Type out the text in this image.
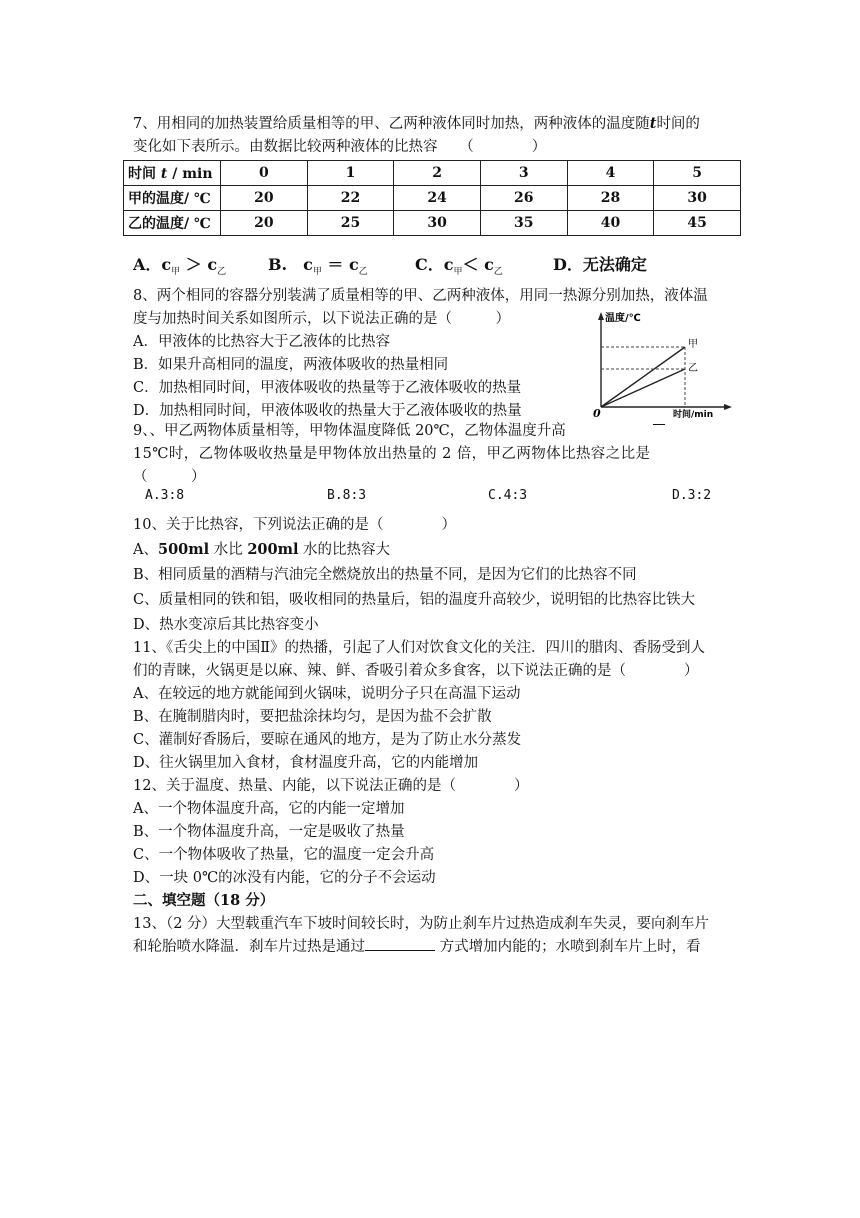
7、用相同的加热装置给质量相等的甲、乙两种液体同时加热，两种液体的温度随t时间的
变化如下表所示。由数据比较两种液体的比热容　　（　　　　）
时间 t / min	0	1	2	3	4	5
甲的温度/ ℃	20	22	24	26	28	30
乙的温度/ ℃	20	25	30	35	40	45
A．$c_甲 > c_乙$	B.　$c_甲 = c_乙$	C．$c_甲< c_乙$	D．无法确定
8、两个相同的容器分别装满了质量相等的甲、乙两种液体，用同一热源分别加热，液体温
度与加热时间关系如图所示，以下说法正确的是（　　　）
A．甲液体的比热容大于乙液体的比热容
B．如果升高相同的温度，两液体吸收的热量相同
C．加热相同时间，甲液体吸收的热量等于乙液体吸收的热量
D．加热相同时间，甲液体吸收的热量大于乙液体吸收的热量
温度/℃
时间/min
0
甲
乙
9、、甲乙两物体质量相等，甲物体温度降低 20℃，乙物体温度升高
15℃时，乙物体吸收热量是甲物体放出热量的 2 倍，甲乙两物体比热容之比是
（　　　）
A.3:8	B.8:3	C.4:3	D.3:2
10、关于比热容，下列说法正确的是（　　　　）
A、500ml 水比 200ml 水的比热容大
B、相同质量的酒精与汽油完全燃烧放出的热量不同，是因为它们的比热容不同
C、质量相同的铁和铝，吸收相同的热量后，铝的温度升高较少，说明铝的比热容比铁大
D、热水变凉后其比热容变小
11、《舌尖上的中国Ⅱ》的热播，引起了人们对饮食文化的关注．四川的腊肉、香肠受到人
们的青睐，火锅更是以麻、辣、鲜、香吸引着众多食客，以下说法正确的是（　　　　）
A、在较远的地方就能闻到火锅味，说明分子只在高温下运动
B、在腌制腊肉时，要把盐涂抹均匀，是因为盐不会扩散
C、灌制好香肠后，要晾在通风的地方，是为了防止水分蒸发
D、往火锅里加入食材，食材温度升高，它的内能增加
12、关于温度、热量、内能，以下说法正确的是（　　　　）
A、一个物体温度升高，它的内能一定增加
B、一个物体温度升高，一定是吸收了热量
C、一个物体吸收了热量，它的温度一定会升高
D、一块 0℃的冰没有内能，它的分子不会运动
二、填空题（18 分）
13、（2 分）大型载重汽车下坡时间较长时，为防止刹车片过热造成刹车失灵，要向刹车片
和轮胎喷水降温．刹车片过热是通过	方式增加内能的；水喷到刹车片上时，看
